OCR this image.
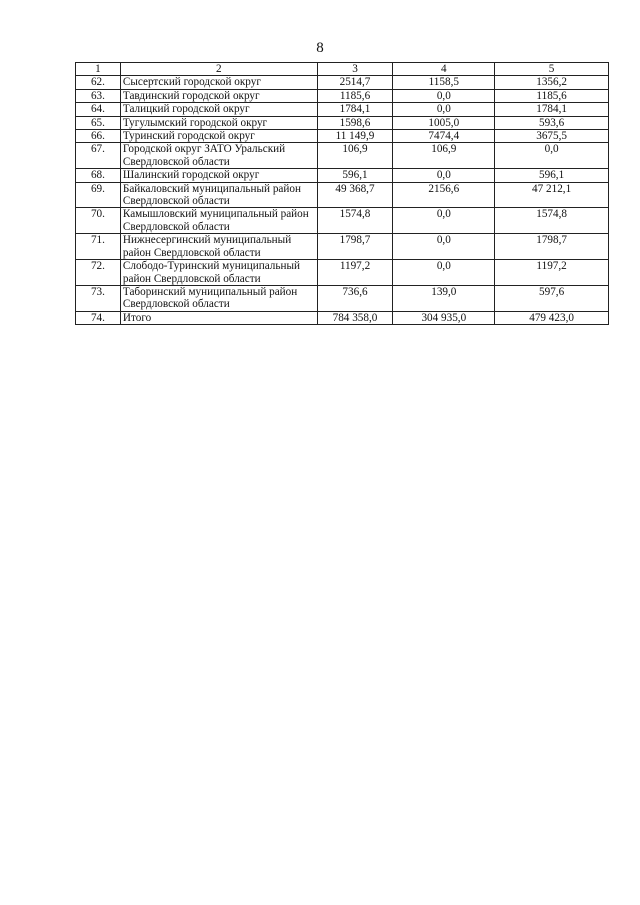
8
1	2	3	4	5
62.	Сысертский городской округ	2514,7	1158,5	1356,2
63.	Тавдинский городской округ	1185,6	0,0	1185,6
64.	Талицкий городской округ	1784,1	0,0	1784,1
65.	Тугулымский городской округ	1598,6	1005,0	593,6
66.	Туринский городской округ	11 149,9	7474,4	3675,5
67.	Городской округ ЗАТО Уральский Свердловской области	106,9	106,9	0,0
68.	Шалинский городской округ	596,1	0,0	596,1
69.	Байкаловский муниципальный район Свердловской области	49 368,7	2156,6	47 212,1
70.	Камышловский муниципальный район Свердловской области	1574,8	0,0	1574,8
71.	Нижнесергинский муниципальный район Свердловской области	1798,7	0,0	1798,7
72.	Слободо-Туринский муниципальный район Свердловской области	1197,2	0,0	1197,2
73.	Таборинский муниципальный район Свердловской области	736,6	139,0	597,6
74.	Итого	784 358,0	304 935,0	479 423,0
